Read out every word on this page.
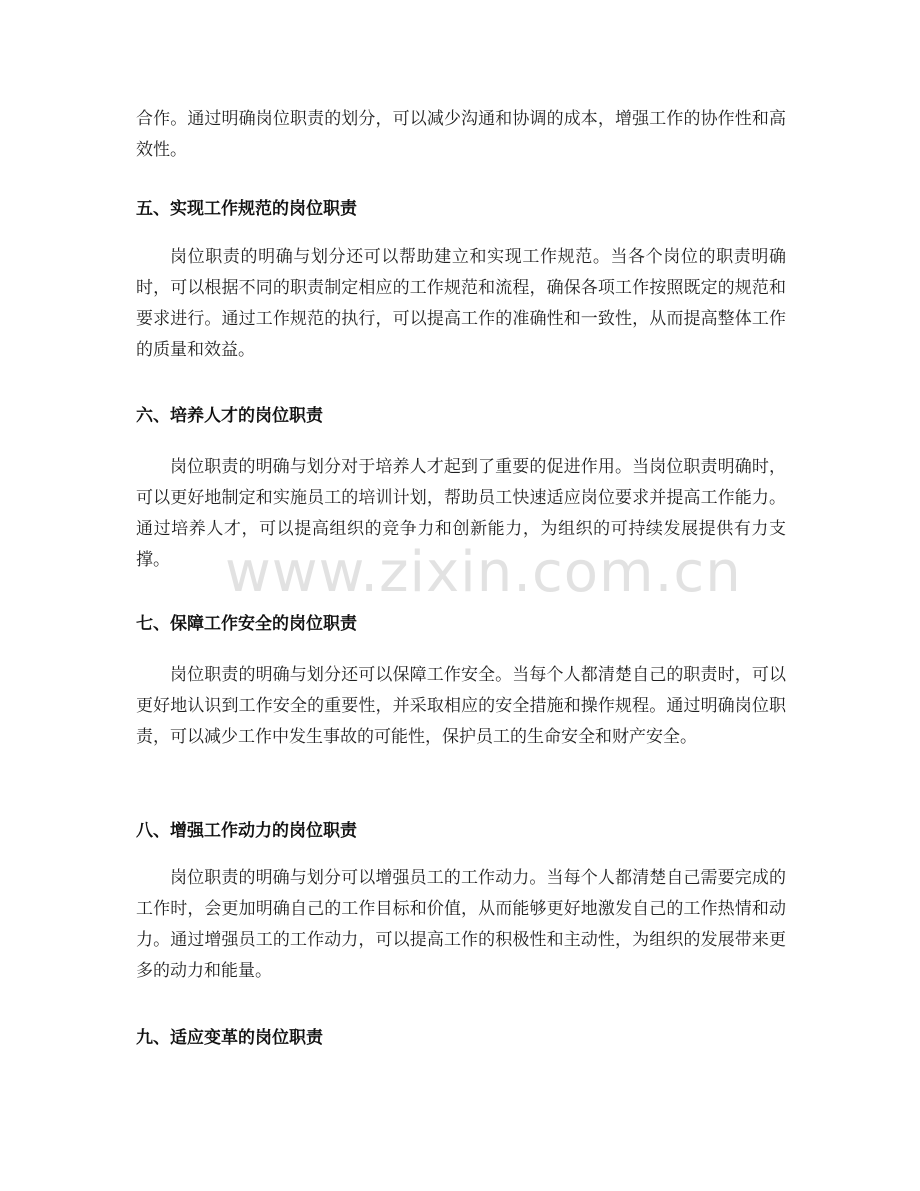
合作。通过明确岗位职责的划分，可以减少沟通和协调的成本，增强工作的协作性和高效性。

五、实现工作规范的岗位职责

岗位职责的明确与划分还可以帮助建立和实现工作规范。当各个岗位的职责明确时，可以根据不同的职责制定相应的工作规范和流程，确保各项工作按照既定的规范和要求进行。通过工作规范的执行，可以提高工作的准确性和一致性，从而提高整体工作的质量和效益。

六、培养人才的岗位职责

岗位职责的明确与划分对于培养人才起到了重要的促进作用。当岗位职责明确时，可以更好地制定和实施员工的培训计划，帮助员工快速适应岗位要求并提高工作能力。通过培养人才，可以提高组织的竞争力和创新能力，为组织的可持续发展提供有力支撑。

七、保障工作安全的岗位职责

岗位职责的明确与划分还可以保障工作安全。当每个人都清楚自己的职责时，可以更好地认识到工作安全的重要性，并采取相应的安全措施和操作规程。通过明确岗位职责，可以减少工作中发生事故的可能性，保护员工的生命安全和财产安全。

八、增强工作动力的岗位职责

岗位职责的明确与划分可以增强员工的工作动力。当每个人都清楚自己需要完成的工作时，会更加明确自己的工作目标和价值，从而能够更好地激发自己的工作热情和动力。通过增强员工的工作动力，可以提高工作的积极性和主动性，为组织的发展带来更多的动力和能量。

九、适应变革的岗位职责
www.zixin.com.cn
